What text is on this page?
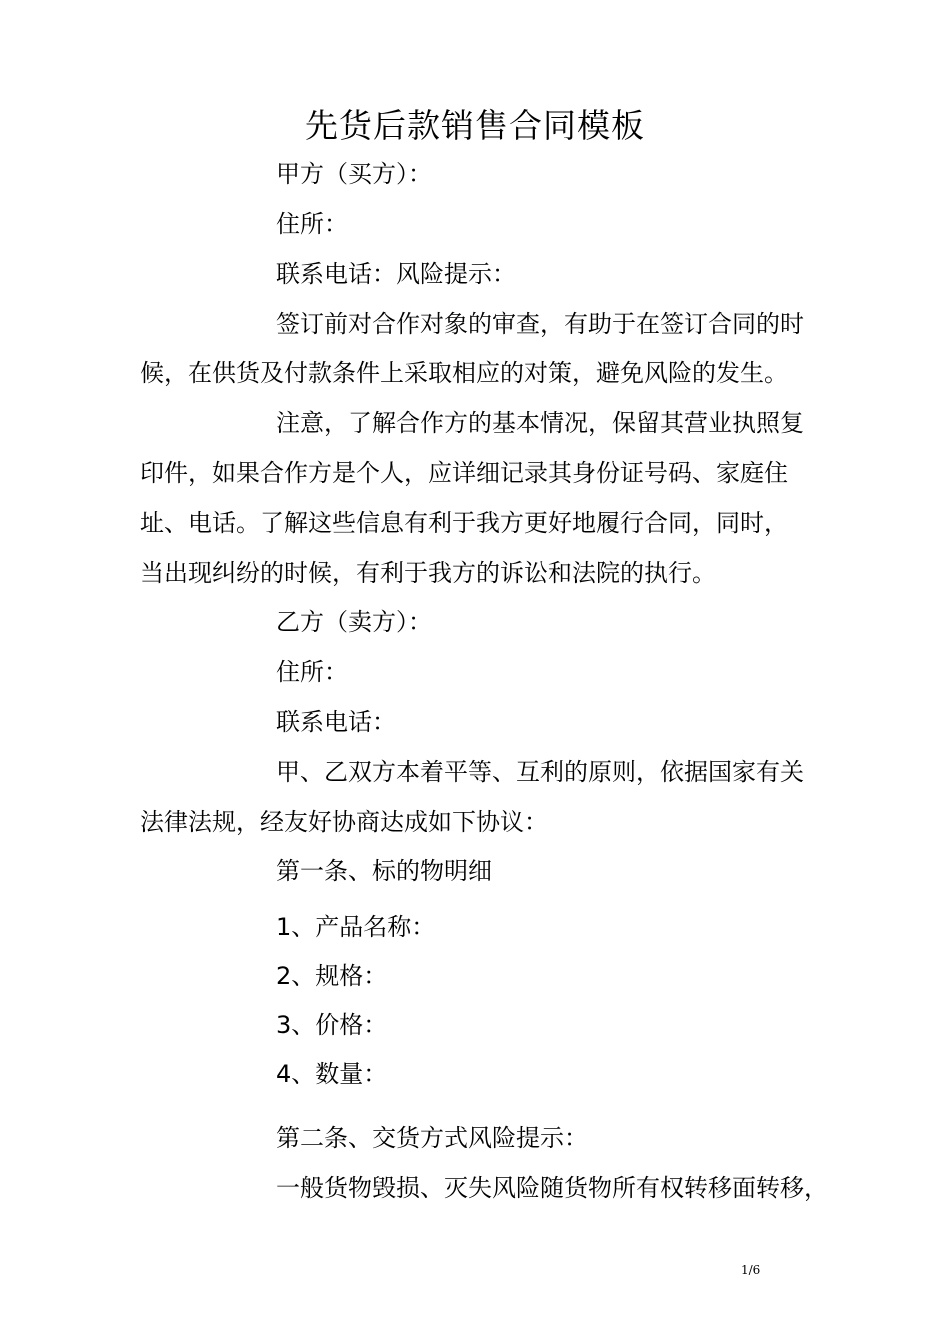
先货后款销售合同模板

甲方（买方）：

住所：

联系电话：风险提示：

签订前对合作对象的审查，有助于在签订合同的时

候，在供货及付款条件上采取相应的对策，避免风险的发生。

注意，了解合作方的基本情况，保留其营业执照复

印件，如果合作方是个人，应详细记录其身份证号码、家庭住

址、电话。了解这些信息有利于我方更好地履行合同，同时，

当出现纠纷的时候，有利于我方的诉讼和法院的执行。

乙方（卖方）：

住所：

联系电话：

甲、乙双方本着平等、互利的原则，依据国家有关

法律法规，经友好协商达成如下协议：

第一条、标的物明细

1、产品名称：

2、规格：

3、价格：

4、数量：

第二条、交货方式风险提示：

一般货物毁损、灭失风险随货物所有权转移面转移，

1/6
